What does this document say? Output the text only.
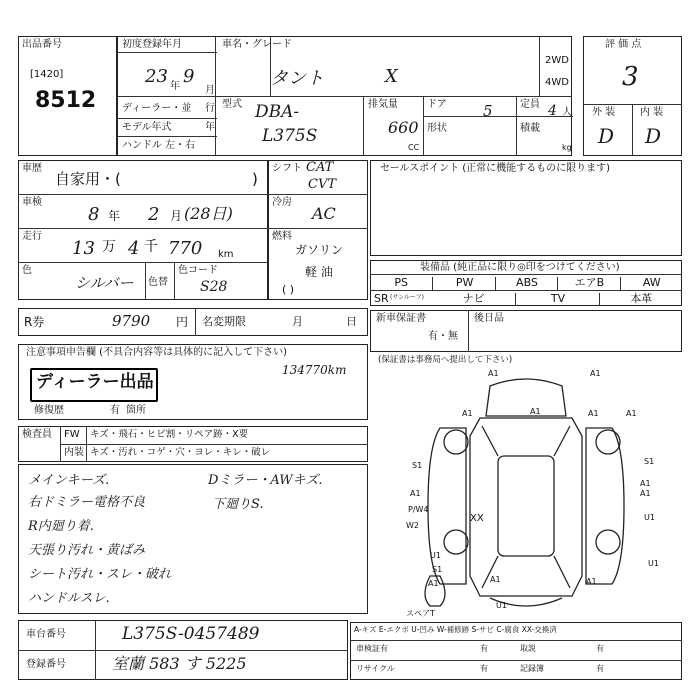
出品番号
[1420]
8512
初度登録年月
23 年 9
月
車名・グレード
タント	X
2WD
4WD
ディーラー・並 行
モデル年式	年
ハンドル 左・右
型式 DBA-
L375S
排気量
660
CC
ドア 5
形状
定員 4 人
積載
kg
評 価 点
3
外 装 内 装
D D
車歴
自家用・(	)
車検
8 年 2 月 (28日)
走行
13 万 4 千 770 km
色
シルバー 色替
色コード
S28
シフト CAT
CVT
冷房
AC
燃料
ガソリン
軽 油
( )
セールスポイント (正常に機能するものに限ります)
装備品 (純正品に限り◎印をつけてください)
PS	PW	ABS	エアB	AW
SR (サンルーフ)	ナビ	TV	本革
R券	9790 円 名変期限	月	日 新車保証書
有・無
後日品
注意事項申告欄 (不具合内容等は具体的に記入して下さい)
134770km
ディーラー出品
修復歴	有 箇所
検査員 FW キズ・飛石・ヒビ割・リペア跡・X要
内装 キズ・汚れ・コゲ・穴・ヨレ・キレ・破レ
メインキーズ.	Dミラー・AWキズ.
右ドミラー電格不良	下廻りS.
R内廻り着.
天張り汚れ・黄ばみ
シート汚れ・スレ・破れ
ハンドルスレ.
(保証書は事務局へ提出して下さい)
A1	A1
A1	A1	A1	A1
S1	S1
A1	A1
A1
U1
U1
S1
U1
XX
P/W4
W2
A1	A1
U1
A1
スペアT
車台番号	L375S-0457489
登録番号	室蘭 583 す 5225
A-キズ E-エクボ U-凹み W-補修跡 S-サビ C-腐食 XX-交換済
車検証有	有	取説	有
リサイクル	有	記録簿	有
